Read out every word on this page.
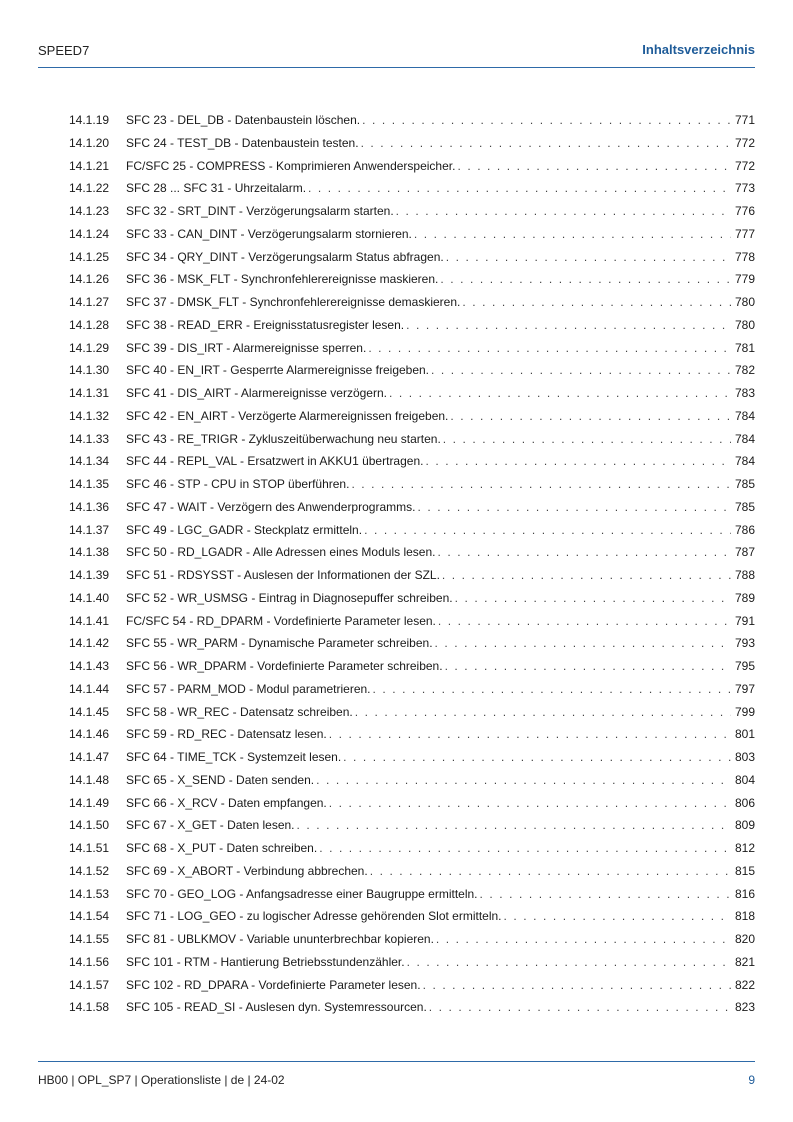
SPEED7	Inhaltsverzeichnis
14.1.19	SFC 23 - DEL_DB - Datenbaustein löschen. . . .	771
14.1.20	SFC 24 - TEST_DB - Datenbaustein testen. . . .	772
14.1.21	FC/SFC 25 - COMPRESS - Komprimieren Anwenderspeicher. . . .	772
14.1.22	SFC 28 ... SFC 31 - Uhrzeitalarm. . . .	773
14.1.23	SFC 32 - SRT_DINT - Verzögerungsalarm starten. . . .	776
14.1.24	SFC 33 - CAN_DINT - Verzögerungsalarm stornieren. . . .	777
14.1.25	SFC 34 - QRY_DINT - Verzögerungsalarm Status abfragen. . . .	778
14.1.26	SFC 36 - MSK_FLT - Synchronfehlerereignisse maskieren. . . .	779
14.1.27	SFC 37 - DMSK_FLT - Synchronfehlerereignisse demaskieren. . . .	780
14.1.28	SFC 38 - READ_ERR - Ereignisstatusregister lesen. . . .	780
14.1.29	SFC 39 - DIS_IRT - Alarmereignisse sperren. . . .	781
14.1.30	SFC 40 - EN_IRT - Gesperrte Alarmereignisse freigeben. . . .	782
14.1.31	SFC 41 - DIS_AIRT - Alarmereignisse verzögern. . . .	783
14.1.32	SFC 42 - EN_AIRT - Verzögerte Alarmereignissen freigeben. . . .	784
14.1.33	SFC 43 - RE_TRIGR - Zykluszeitüberwachung neu starten. . . .	784
14.1.34	SFC 44 - REPL_VAL - Ersatzwert in AKKU1 übertragen. . . .	784
14.1.35	SFC 46 - STP - CPU in STOP überführen. . . .	785
14.1.36	SFC 47 - WAIT - Verzögern des Anwenderprogramms. . . .	785
14.1.37	SFC 49 - LGC_GADR - Steckplatz ermitteln. . . .	786
14.1.38	SFC 50 - RD_LGADR - Alle Adressen eines Moduls lesen. . . .	787
14.1.39	SFC 51 - RDSYSST - Auslesen der Informationen der SZL. . . .	788
14.1.40	SFC 52 - WR_USMSG - Eintrag in Diagnosepuffer schreiben. . . .	789
14.1.41	FC/SFC 54 - RD_DPARM - Vordefinierte Parameter lesen. . . .	791
14.1.42	SFC 55 - WR_PARM - Dynamische Parameter schreiben. . . .	793
14.1.43	SFC 56 - WR_DPARM - Vordefinierte Parameter schreiben. . . .	795
14.1.44	SFC 57 - PARM_MOD - Modul parametrieren. . . .	797
14.1.45	SFC 58 - WR_REC - Datensatz schreiben. . . .	799
14.1.46	SFC 59 - RD_REC - Datensatz lesen. . . .	801
14.1.47	SFC 64 - TIME_TCK - Systemzeit lesen. . . .	803
14.1.48	SFC 65 - X_SEND - Daten senden. . . .	804
14.1.49	SFC 66 - X_RCV - Daten empfangen. . . .	806
14.1.50	SFC 67 - X_GET - Daten lesen. . . .	809
14.1.51	SFC 68 - X_PUT - Daten schreiben. . . .	812
14.1.52	SFC 69 - X_ABORT - Verbindung abbrechen. . . .	815
14.1.53	SFC 70 - GEO_LOG - Anfangsadresse einer Baugruppe ermitteln. . . .	816
14.1.54	SFC 71 - LOG_GEO - zu logischer Adresse gehörenden Slot ermitteln. . . .	818
14.1.55	SFC 81 - UBLKMOV - Variable ununterbrechbar kopieren. . . .	820
14.1.56	SFC 101 - RTM - Hantierung Betriebsstundenzähler. . . .	821
14.1.57	SFC 102 - RD_DPARA - Vordefinierte Parameter lesen. . . .	822
14.1.58	SFC 105 - READ_SI - Auslesen dyn. Systemressourcen. . . .	823
HB00 | OPL_SP7 | Operationsliste | de | 24-02	9
